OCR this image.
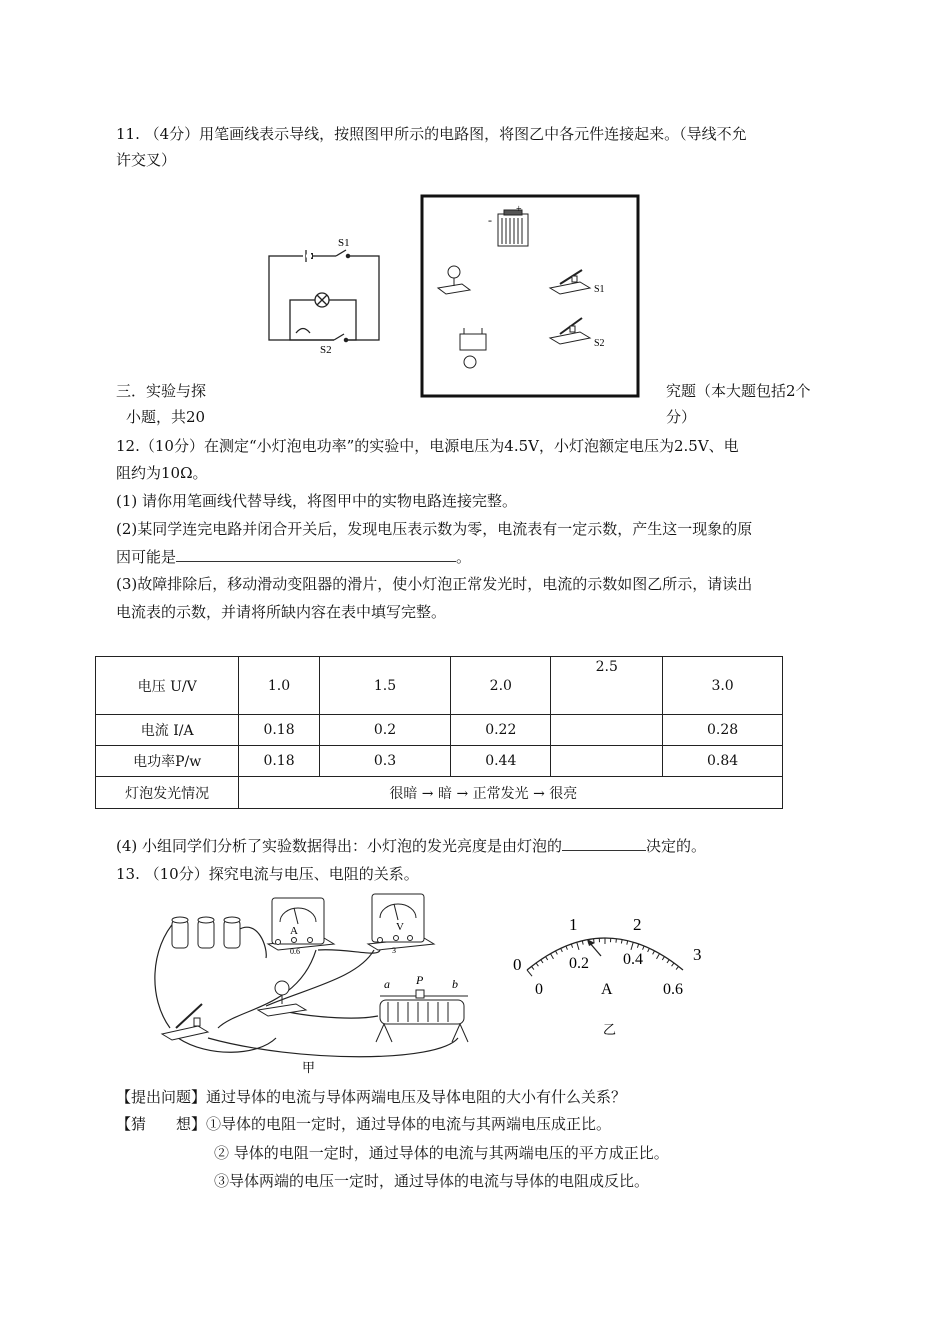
11. （4分）用笔画线表示导线，按照图甲所示的电路图，将图乙中各元件连接起来。（导线不允
许交叉）
S1
S2
-
+
S1
S2
三．实验与探
小题，共20
究题（本大题包括2个
分）
12.（10分）在测定“小灯泡电功率”的实验中，电源电压为4.5V，小灯泡额定电压为2.5V、电
阻约为10Ω。
(1) 请你用笔画线代替导线，将图甲中的实物电路连接完整。
(2)某同学连完电路并闭合开关后，发现电压表示数为零，电流表有一定示数，产生这一现象的原
因可能是	。
(3)故障排除后，移动滑动变阻器的滑片，使小灯泡正常发光时，电流的示数如图乙所示，请读出
电流表的示数，并请将所缺内容在表中填写完整。
电压 U/V	1.0	1.5	2.0	2.5	3.0
电流 I/A	0.18	0.2	0.22		0.28
电功率P/w	0.18	0.3	0.44		0.84
灯泡发光情况	很暗 → 暗 → 正常发光 → 很亮				
(4) 小组同学们分析了实验数据得出：小灯泡的发光亮度是由灯泡的	决定的。
13. （10分）探究电流与电压、电阻的关系。
A
0.6
V
3
a P b
甲
0
1	2
3
0.2 0.4
0	A	0.6
乙
【提出问题】通过导体的电流与导体两端电压及导体电阻的大小有什么关系？
【猜　　想】①导体的电阻一定时，通过导体的电流与其两端电压成正比。
② 导体的电阻一定时，通过导体的电流与其两端电压的平方成正比。
③导体两端的电压一定时，通过导体的电流与导体的电阻成反比。
